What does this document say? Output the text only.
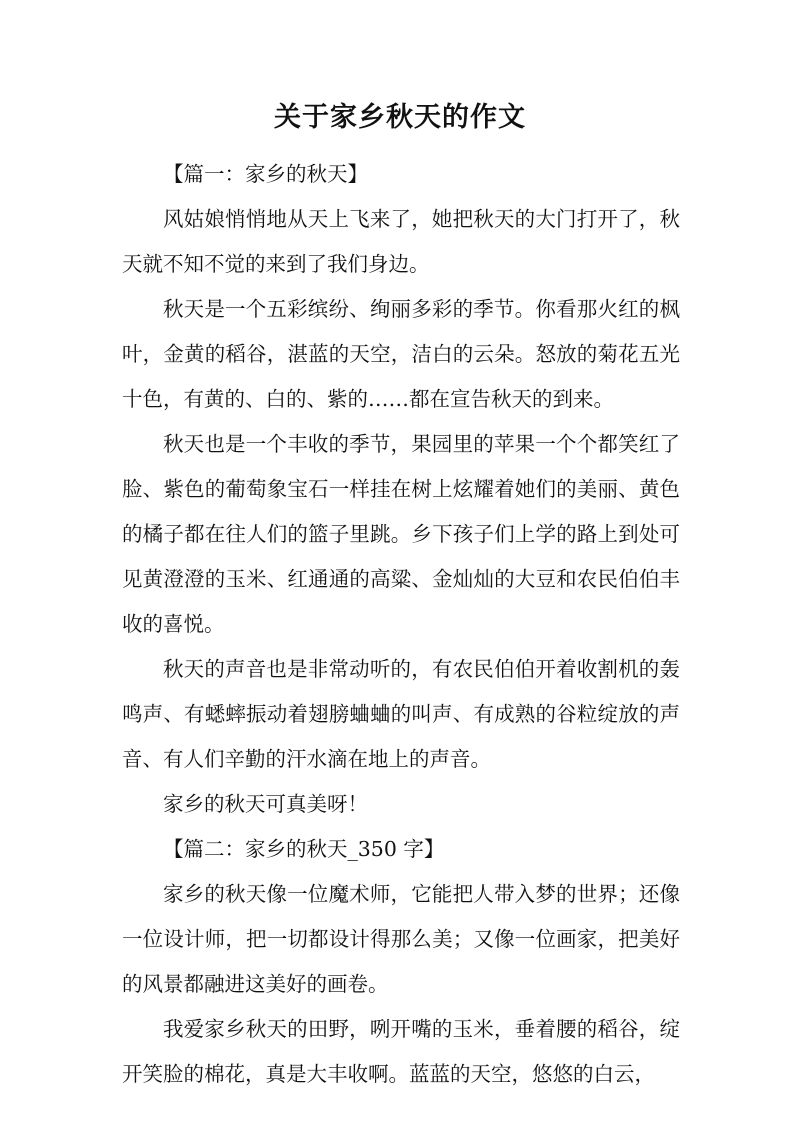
关于家乡秋天的作文

【篇一：家乡的秋天】

风姑娘悄悄地从天上飞来了，她把秋天的大门打开了，秋天就不知不觉的来到了我们身边。

秋天是一个五彩缤纷、绚丽多彩的季节。你看那火红的枫叶，金黄的稻谷，湛蓝的天空，洁白的云朵。怒放的菊花五光十色，有黄的、白的、紫的……都在宣告秋天的到来。

秋天也是一个丰收的季节，果园里的苹果一个个都笑红了脸、紫色的葡萄象宝石一样挂在树上炫耀着她们的美丽、黄色的橘子都在往人们的篮子里跳。乡下孩子们上学的路上到处可见黄澄澄的玉米、红通通的高粱、金灿灿的大豆和农民伯伯丰收的喜悦。

秋天的声音也是非常动听的，有农民伯伯开着收割机的轰鸣声、有蟋蟀振动着翅膀蛐蛐的叫声、有成熟的谷粒绽放的声音、有人们辛勤的汗水滴在地上的声音。

家乡的秋天可真美呀！

【篇二：家乡的秋天_350 字】

家乡的秋天像一位魔术师，它能把人带入梦的世界；还像一位设计师，把一切都设计得那么美；又像一位画家，把美好的风景都融进这美好的画卷。

我爱家乡秋天的田野，咧开嘴的玉米，垂着腰的稻谷，绽开笑脸的棉花，真是大丰收啊。蓝蓝的天空，悠悠的白云，
